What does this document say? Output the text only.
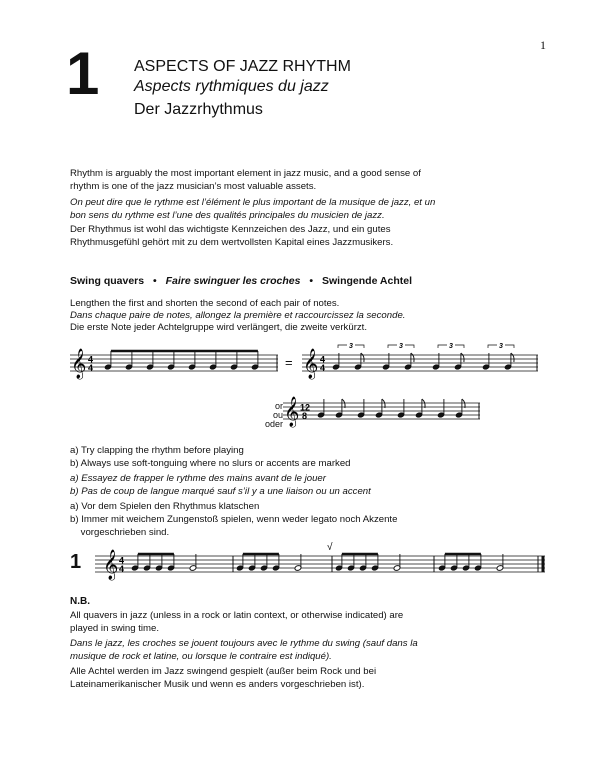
1
1 ASPECTS OF JAZZ RHYTHM
Aspects rythmiques du jazz
Der Jazzrhythmus
Rhythm is arguably the most important element in jazz music, and a good sense of
rhythm is one of the jazz musician’s most valuable assets.
On peut dire que le rythme est l’élément le plus important de la musique de jazz, et un
bon sens du rythme est l’une des qualités principales du musicien de jazz.
Der Rhythmus ist wohl das wichtigste Kennzeichen des Jazz, und ein gutes
Rhythmusgefühl gehört mit zu dem wertvollsten Kapital eines Jazzmusikers.
Swing quavers • Faire swinguer les croches • Swingende Achtel
Lengthen the first and shorten the second of each pair of notes.
Dans chaque paire de notes, allongez la première et raccourcissez la seconde.
Die erste Note jeder Achtelgruppe wird verlängert, die zweite verkürzt.
𝄞 4
4	= 𝄞 4
4
3	3	3	3
or
ou
oder 𝄞 12
8
a) Try clapping the rhythm before playing
b) Always use soft-tonguing where no slurs or accents are marked
a) Essayez de frapper le rythme des mains avant de le jouer
b) Pas de coup de langue marqué sauf s’il y a une liaison ou un accent
a) Vor dem Spielen den Rhythmus klatschen
b) Immer mit weichem Zungenstoß spielen, wenn weder legato noch Akzente
vorgeschrieben sind.
1 𝄞 4
4
√
N.B.
All quavers in jazz (unless in a rock or latin context, or otherwise indicated) are
played in swing time.
Dans le jazz, les croches se jouent toujours avec le rythme du swing (sauf dans la
musique de rock et latine, ou lorsque le contraire est indiqué).
Alle Achtel werden im Jazz swingend gespielt (außer beim Rock und bei
Lateinamerikanischer Musik und wenn es anders vorgeschrieben ist).
